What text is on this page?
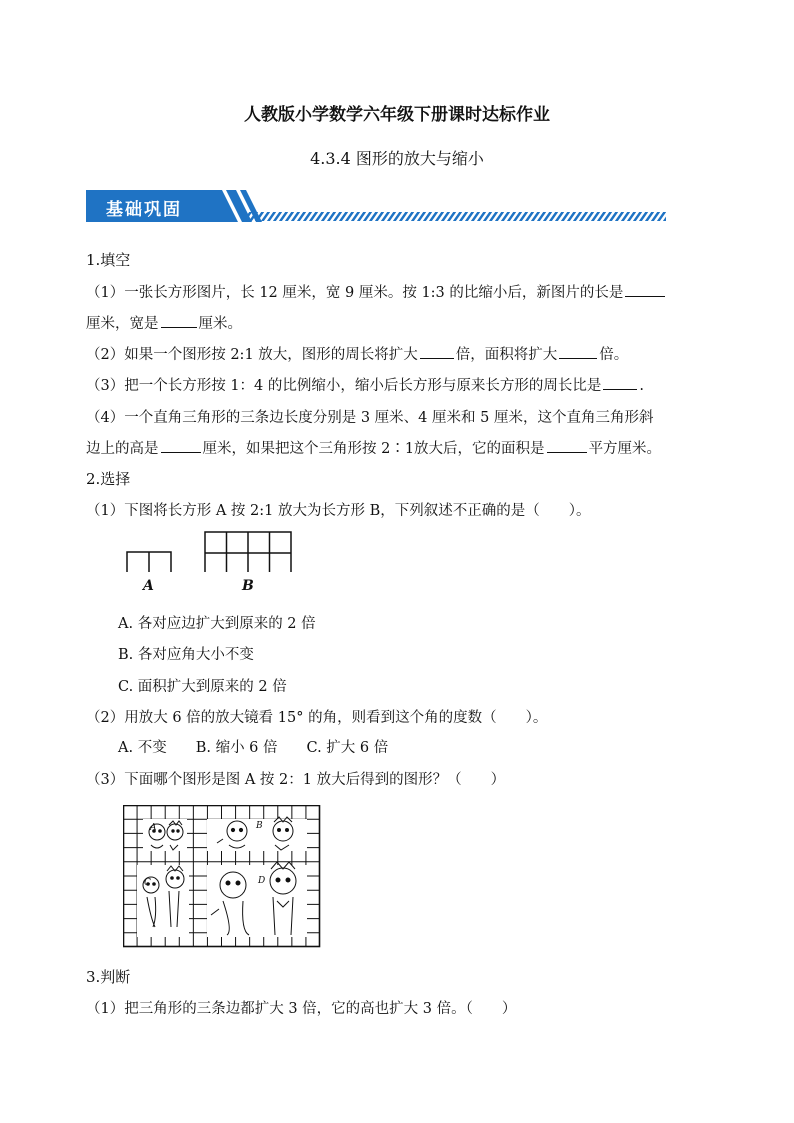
人教版小学数学六年级下册课时达标作业
4.3.4 图形的放大与缩小
基础巩固
1.填空
（1）一张长方形图片，长 12 厘米，宽 9 厘米。按 1:3 的比缩小后，新图片的长是
厘米，宽是	厘米。
（2）如果一个图形按 2:1 放大，图形的周长将扩大	倍，面积将扩大	倍。
（3）把一个长方形按 1：4 的比例缩小，缩小后长方形与原来长方形的周长比是	.
（4）一个直角三角形的三条边长度分别是 3 厘米、4 厘米和 5 厘米，这个直角三角形斜
边上的高是	厘米，如果把这个三角形按 2∶1放大后，它的面积是	平方厘米。
2.选择
（1）下图将长方形 A 按 2:1 放大为长方形 B，下列叙述不正确的是（　　）。
A	B
A. 各对应边扩大到原来的 2 倍
B. 各对应角大小不变
C. 面积扩大到原来的 2 倍
（2）用放大 6 倍的放大镜看 15° 的角，则看到这个角的度数（　　）。
A. 不变　　B. 缩小 6 倍　　C. 扩大 6 倍
（3）下面哪个图形是图 A 按 2：1 放大后得到的图形？（　　）
A	B
C	D
3.判断
（1）把三角形的三条边都扩大 3 倍，它的高也扩大 3 倍。（　　）
